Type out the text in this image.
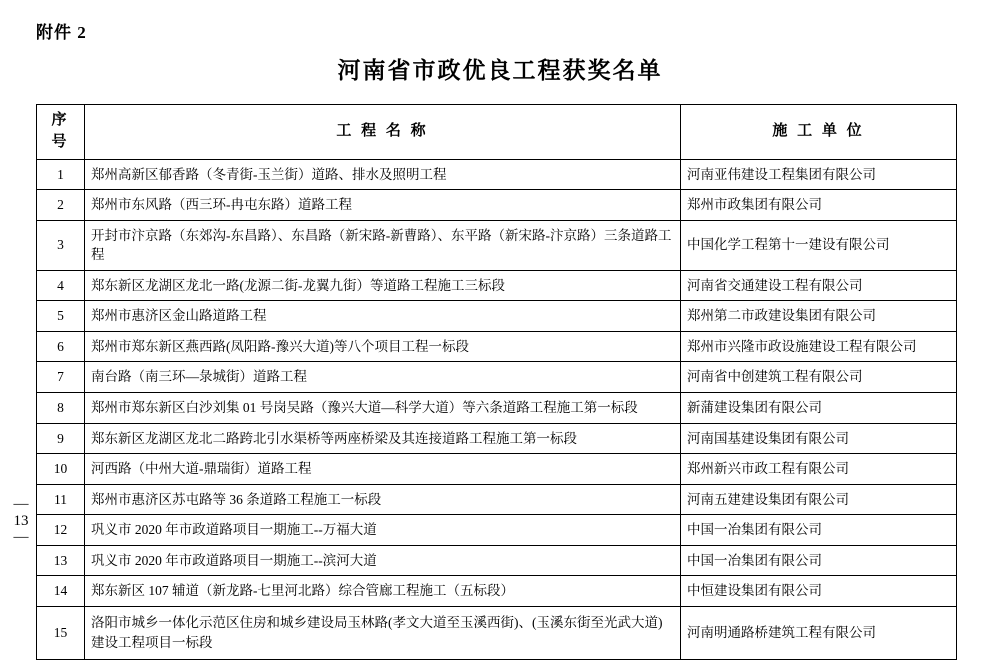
附件 2
河南省市政优良工程获奖名单
—
13
—
序 号	工 程 名 称	施 工 单 位
1	郑州高新区郁香路（冬青街-玉兰街）道路、排水及照明工程	河南亚伟建设工程集团有限公司
2	郑州市东风路（西三环-冉屯东路）道路工程	郑州市政集团有限公司
3	开封市汴京路（东郊沟-东昌路）、东昌路（新宋路-新曹路）、东平路（新宋路-汴京路）三条道路工程	中国化学工程第十一建设有限公司
4	郑东新区龙湖区龙北一路(龙源二街-龙翼九街）等道路工程施工三标段	河南省交通建设工程有限公司
5	郑州市惠济区金山路道路工程	郑州第二市政建设集团有限公司
6	郑州市郑东新区燕西路(凤阳路-豫兴大道)等八个项目工程一标段	郑州市兴隆市政设施建设工程有限公司
7	南台路（南三环—彔城街）道路工程	河南省中创建筑工程有限公司
8	郑州市郑东新区白沙刘集 01 号岗吴路（豫兴大道—科学大道）等六条道路工程施工第一标段	新蒲建设集团有限公司
9	郑东新区龙湖区龙北二路跨北引水渠桥等两座桥梁及其连接道路工程施工第一标段	河南国基建设集团有限公司
10	河西路（中州大道-鼎瑞街）道路工程	郑州新兴市政工程有限公司
11	郑州市惠济区苏屯路等 36 条道路工程施工一标段	河南五建建设集团有限公司
12	巩义市 2020 年市政道路项目一期施工--万福大道	中国一冶集团有限公司
13	巩义市 2020 年市政道路项目一期施工--滨河大道	中国一冶集团有限公司
14	郑东新区 107 辅道（新龙路-七里河北路）综合管廊工程施工（五标段）	中恒建设集团有限公司
15	洛阳市城乡一体化示范区住房和城乡建设局玉林路(孝文大道至玉溪西街)、(玉溪东街至光武大道)建设工程项目一标段	河南明通路桥建筑工程有限公司
